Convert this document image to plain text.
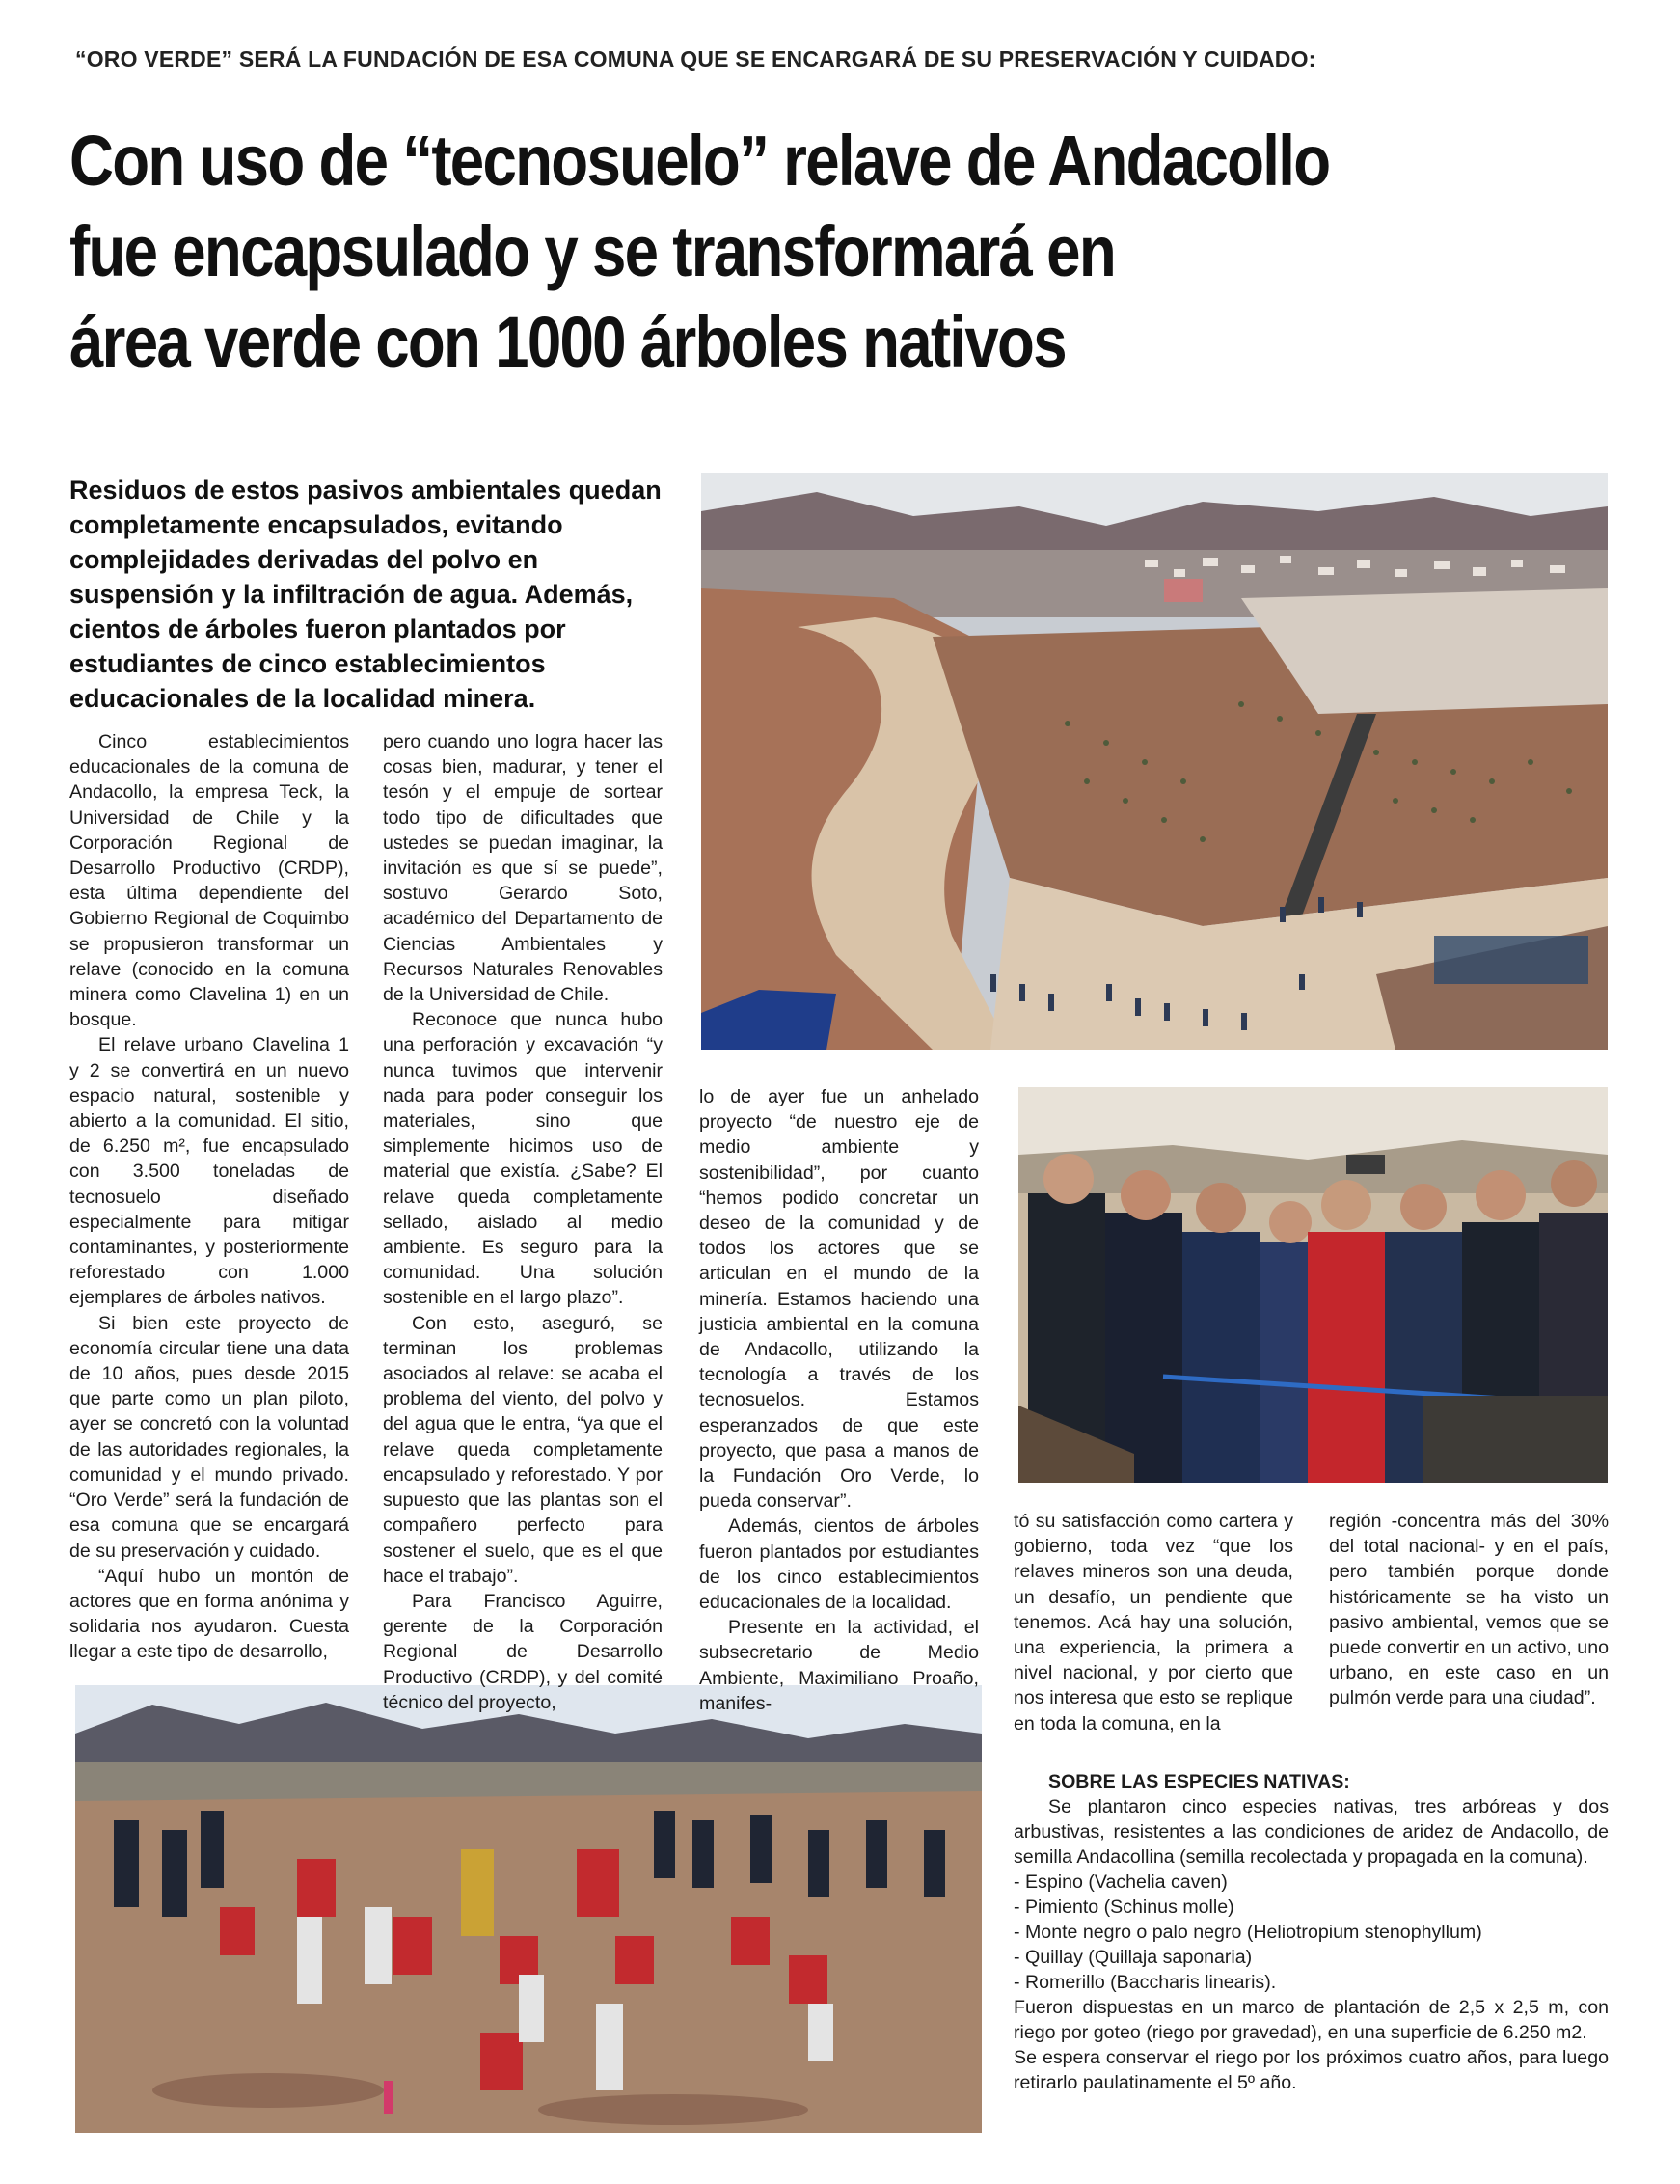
“ORO VERDE” SERÁ LA FUNDACIÓN DE ESA COMUNA QUE SE ENCARGARÁ DE SU PRESERVACIÓN Y CUIDADO:
Con uso de “tecnosuelo” relave de Andacollo
fue encapsulado y se transformará en
área verde con 1000 árboles nativos
Residuos de estos pasivos ambientales quedan completamente encapsulados, evitando complejidades derivadas del polvo en suspensión y la infiltración de agua. Además, cientos de árboles fueron plantados por estudiantes de cinco establecimientos educacionales de la localidad minera.

Cinco establecimientos educacionales de la comuna de Andacollo, la empresa Teck, la Universidad de Chile y la Corporación Regional de Desarrollo Productivo (CRDP), esta última dependiente del Gobierno Regional de Coquimbo se propusieron transformar un relave (conocido en la comuna minera como Clavelina 1) en un bosque.

El relave urbano Clavelina 1 y 2 se convertirá en un nuevo espacio natural, sostenible y abierto a la comunidad. El sitio, de 6.250 m², fue encapsulado con 3.500 toneladas de tecnosuelo diseñado especialmente para mitigar contaminantes, y posteriormente reforestado con 1.000 ejemplares de árboles nativos.

Si bien este proyecto de economía circular tiene una data de 10 años, pues desde 2015 que parte como un plan piloto, ayer se concretó con la voluntad de las autoridades regionales, la comunidad y el mundo privado. “Oro Verde” será la fundación de esa comuna que se encargará de su preservación y cuidado.

“Aquí hubo un montón de actores que en forma anónima y solidaria nos ayudaron. Cuesta llegar a este tipo de desarrollo,

pero cuando uno logra hacer las cosas bien, madurar, y tener el tesón y el empuje de sortear todo tipo de dificultades que ustedes se puedan imaginar, la invitación es que sí se puede”, sostuvo Gerardo Soto, académico del Departamento de Ciencias Ambientales y Recursos Naturales Renovables de la Universidad de Chile.

Reconoce que nunca hubo una perforación y excavación “y nunca tuvimos que intervenir nada para poder conseguir los materiales, sino que simplemente hicimos uso de material que existía. ¿Sabe? El relave queda completamente sellado, aislado al medio ambiente. Es seguro para la comunidad. Una solución sostenible en el largo plazo”.

Con esto, aseguró, se terminan los problemas asociados al relave: se acaba el problema del viento, del polvo y del agua que le entra, “ya que el relave queda completamente encapsulado y reforestado. Y por supuesto que las plantas son el compañero perfecto para sostener el suelo, que es el que hace el trabajo”.

Para Francisco Aguirre, gerente de la Corporación Regional de Desarrollo Productivo (CRDP), y del comité técnico del proyecto,

lo de ayer fue un anhelado proyecto “de nuestro eje de medio ambiente y sostenibilidad”, por cuanto “hemos podido concretar un deseo de la comunidad y de todos los actores que se articulan en el mundo de la minería. Estamos haciendo una justicia ambiental en la comuna de Andacollo, utilizando la tecnología a través de los tecnosuelos. Estamos esperanzados de que este proyecto, que pasa a manos de la Fundación Oro Verde, lo pueda conservar”.

Además, cientos de árboles fueron plantados por estudiantes de los cinco establecimientos educacionales de la localidad.

Presente en la actividad, el subsecretario de Medio Ambiente, Maximiliano Proaño, manifes-

tó su satisfacción como cartera y gobierno, toda vez “que los relaves mineros son una deuda, un desafío, un pendiente que tenemos. Acá hay una solución, una experiencia, la primera a nivel nacional, y por cierto que nos interesa que esto se replique en toda la comuna, en la

región -concentra más del 30% del total nacional- y en el país, pero también porque donde históricamente se ha visto un pasivo ambiental, vemos que se puede convertir en un activo, uno urbano, en este caso en un pulmón verde para una ciudad”.

SOBRE LAS ESPECIES NATIVAS:

Se plantaron cinco especies nativas, tres arbóreas y dos arbustivas, resistentes a las condiciones de aridez de Andacollo, de semilla Andacollina (semilla recolectada y propagada en la comuna).

- Espino (Vachelia caven)
- Pimiento (Schinus molle)
- Monte negro o palo negro (Heliotropium stenophyllum)
- Quillay (Quillaja saponaria)
- Romerillo (Baccharis linearis).

Fueron dispuestas en un marco de plantación de 2,5 x 2,5 m, con riego por goteo (riego por gravedad), en una superficie de 6.250 m2.

Se espera conservar el riego por los próximos cuatro años, para luego retirarlo paulatinamente el 5º año.
